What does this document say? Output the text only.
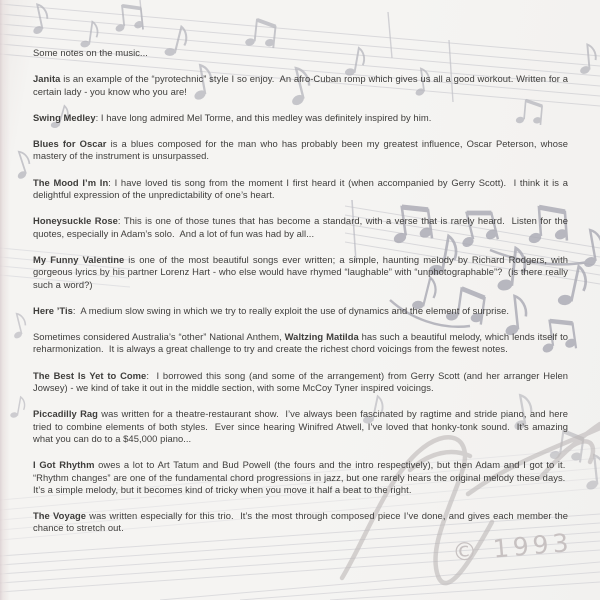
Some notes on the music...
Janita is an example of the “pyrotechnic” style I so enjoy.  An afro-Cuban romp which gives us all a good workout. Written for a certain lady - you know who you are!
Swing Medley: I have long admired Mel Torme, and this medley was definitely inspired by him.
Blues for Oscar is a blues composed for the man who has probably been my greatest influence, Oscar Peterson, whose mastery of the instrument is unsurpassed.
The Mood I’m In: I have loved tis song from the moment I first heard it (when accompanied by Gerry Scott).  I think it is a delightful expression of the unpredictability of one’s heart.
Honeysuckle Rose: This is one of those tunes that has become a standard, with a verse that is rarely heard.  Listen for the quotes, especially in Adam’s solo.  And a lot of fun was had by all...
My Funny Valentine is one of the most beautiful songs ever written; a simple, haunting melody by Richard Rodgers, with gorgeous lyrics by his partner Lorenz Hart - who else would have rhymed “laughable” with “unphotographable”?  (is there really such a word?)
Here ’Tis:  A medium slow swing in which we try to really exploit the use of dynamics and the element of surprise.
Sometimes considered Australia’s “other” National Anthem, Waltzing Matilda has such a beautiful melody, which lends itself to reharmonization.  It is always a great challenge to try and create the richest chord voicings from the fewest notes.
The Best Is Yet to Come:  I borrowed this song (and some of the arrangement) from Gerry Scott (and her arranger Helen Jowsey) - we kind of take it out in the middle section, with some McCoy Tyner inspired voicings.
Piccadilly Rag was written for a theatre-restaurant show.  I’ve always been fascinated by ragtime and stride piano, and here tried to combine elements of both styles.  Ever since hearing Winifred Atwell, I’ve loved that honky-tonk sound.  It’s amazing what you can do to a $45,000 piano...
I Got Rhythm owes a lot to Art Tatum and Bud Powell (the fours and the intro respectively), but then Adam and I got to it.  “Rhythm changes” are one of the fundamental chord progressions in jazz, but one rarely hears the original melody these days.  It’s a simple melody, but it becomes kind of tricky when you move it half a beat to the right.
The Voyage was written especially for this trio.  It’s the most through composed piece I’ve done, and gives each member the chance to stretch out.	© 1993
